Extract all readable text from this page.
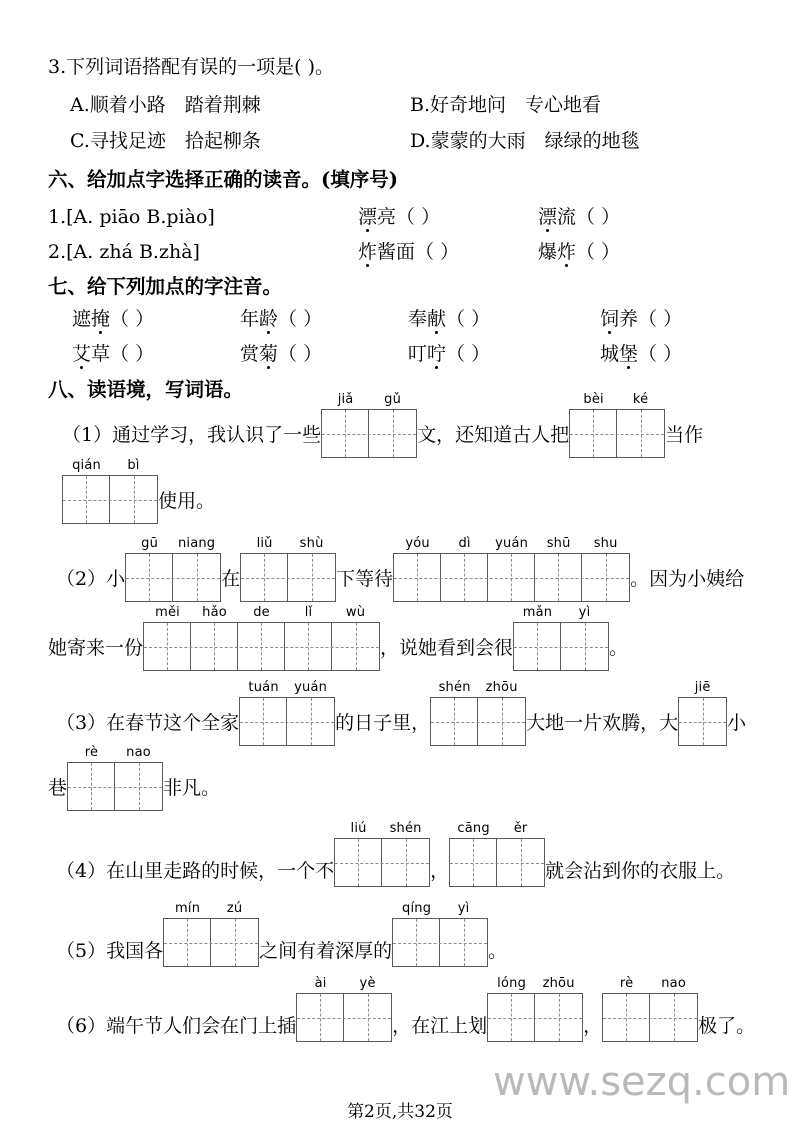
3.下列词语搭配有误的一项是( )。
A.顺着小路　踏着荆棘	B.好奇地问　专心地看
C.寻找足迹　拾起柳条	D.蒙蒙的大雨　绿绿的地毯
六、给加点字选择正确的读音。(填序号)
1.[A. piāo B.piào]	漂亮（ ）	漂流（ ）
2.[A. zhá B.zhà]	炸酱面（ ）	爆炸（ ）
七、给下列加点的字注音。
遮掩（ ）	年龄（ ）	奉献（ ）	饲养（ ）
艾草（ ）	赏菊（ ）	叮咛（ ）	城堡（ ）
八、读语境，写词语。
（1）通过学习，我认识了一些
jiǎ	gǔ
文，还知道古人把
bèi	ké
当作
qián	bì
使用。
（2）小
gū	niang
在
liǔ	shù
下等待
yóu	dì	yuán	shū	shu
。因为小姨给
她寄来一份
měi	hǎo	de	lǐ	wù
，说她看到会很
mǎn	yì
。
（3）在春节这个全家
tuán	yuán
的日子里，
shén	zhōu
大地一片欢腾，大
jiē
小
巷
rè	nao
非凡。
（4）在山里走路的时候，一个不
liú	shén
，
cāng	ěr
就会沾到你的衣服上。
（5）我国各
mín	zú
之间有着深厚的
qíng	yì
。
（6）端午节人们会在门上插
ài	yè
，在江上划
lóng	zhōu
，
rè	nao
极了。
www.sezq.com
第2页,共32页
